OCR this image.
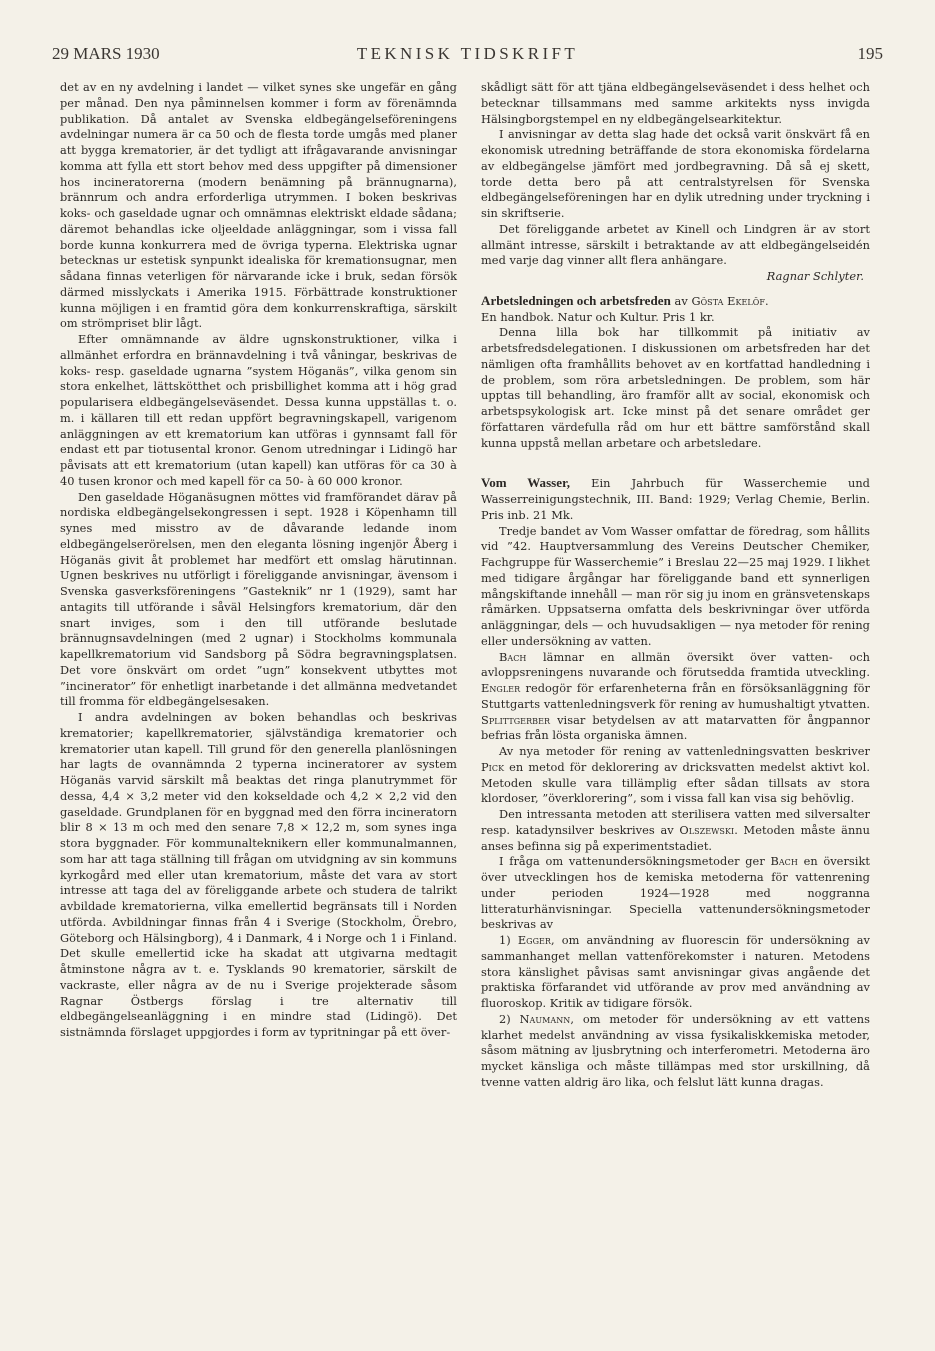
29 MARS 1930	TEKNISK TIDSKRIFT	195

det av en ny avdelning i landet — vilket synes ske ungefär en gång per månad. Den nya påminnelsen kommer i form av förenämnda publikation. Då antalet av Svenska eldbegängelseföreningens avdelningar numera är ca 50 och de flesta torde umgås med planer att bygga krematorier, är det tydligt att ifrågavarande anvisningar komma att fylla ett stort behov med dess uppgifter på dimensioner hos incineratorerna (modern benämning på brännugnarna), brännrum och andra erforderliga utrymmen. I boken beskrivas koks- och gaseldade ugnar och omnämnas elektriskt eldade sådana; däremot behandlas icke oljeeldade anläggningar, som i vissa fall borde kunna konkurrera med de övriga typerna. Elektriska ugnar betecknas ur estetisk synpunkt idealiska för kremationsugnar, men sådana finnas veterligen för närvarande icke i bruk, sedan försök därmed misslyckats i Amerika 1915. Förbättrade konstruktioner kunna möjligen i en framtid göra dem konkurrenskraftiga, särskilt om strömpriset blir lågt.

Efter omnämnande av äldre ugnskonstruktioner, vilka i allmänhet erfordra en brännavdelning i två våningar, beskrivas de koks- resp. gaseldade ugnarna ”system Höganäs”, vilka genom sin stora enkelhet, lättskötthet och prisbillighet komma att i hög grad popularisera eldbegängelseväsendet. Dessa kunna uppställas t. o. m. i källaren till ett redan uppfört begravningskapell, varigenom anläggningen av ett krematorium kan utföras i gynnsamt fall för endast ett par tiotusental kronor. Genom utredningar i Lidingö har påvisats att ett krematorium (utan kapell) kan utföras för ca 30 à 40 tusen kronor och med kapell för ca 50- à 60 000 kronor.

Den gaseldade Höganäsugnen möttes vid framförandet därav på nordiska eldbegängelsekongressen i sept. 1928 i Köpenhamn till synes med misstro av de dåvarande ledande inom eldbegängelserörelsen, men den eleganta lösning ingenjör Åberg i Höganäs givit åt problemet har medfört ett omslag härutinnan. Ugnen beskrives nu utförligt i föreliggande anvisningar, ävensom i Svenska gasverksföreningens ”Gasteknik” nr 1 (1929), samt har antagits till utförande i såväl Helsingfors krematorium, där den snart inviges, som i den till utförande beslutade brännugnsavdelningen (med 2 ugnar) i Stockholms kommunala kapellkrematorium vid Sandsborg på Södra begravningsplatsen. Det vore önskvärt om ordet ”ugn” konsekvent utbyttes mot ”incinerator” för enhetligt inarbetande i det allmänna medvetandet till fromma för eldbegängelsesaken.

I andra avdelningen av boken behandlas och beskrivas krematorier; kapellkrematorier, självständiga krematorier och krematorier utan kapell. Till grund för den generella planlösningen har lagts de ovannämnda 2 typerna incineratorer av system Höganäs varvid särskilt må beaktas det ringa planutrymmet för dessa, 4,4 × 3,2 meter vid den kokseldade och 4,2 × 2,2 vid den gaseldade. Grundplanen för en byggnad med den förra incineratorn blir 8 × 13 m och med den senare 7,8 × 12,2 m, som synes inga stora byggnader. För kommunalteknikern eller kommunalmannen, som har att taga ställning till frågan om utvidgning av sin kommuns kyrkogård med eller utan krematorium, måste det vara av stort intresse att taga del av föreliggande arbete och studera de talrikt avbildade krematorierna, vilka emellertid begränsats till i Norden utförda. Avbildningar finnas från 4 i Sverige (Stockholm, Örebro, Göteborg och Hälsingborg), 4 i Danmark, 4 i Norge och 1 i Finland. Det skulle emellertid icke ha skadat att utgivarna medtagit åtminstone några av t. e. Tysklands 90 krematorier, särskilt de vackraste, eller några av de nu i Sverige projekterade såsom Ragnar Östbergs förslag i tre alternativ till eldbegängelseanläggning i en mindre stad (Lidingö). Det sistnämnda förslaget uppgjordes i form av typritningar på ett över-

skådligt sätt för att tjäna eldbegängelseväsendet i dess helhet och betecknar tillsammans med samme arkitekts nyss invigda Hälsingborgstempel en ny eldbegängelsearkitektur.

I anvisningar av detta slag hade det också varit önskvärt få en ekonomisk utredning beträffande de stora ekonomiska fördelarna av eldbegängelse jämfört med jordbegravning. Då så ej skett, torde detta bero på att centralstyrelsen för Svenska eldbegängelseföreningen har en dylik utredning under tryckning i sin skriftserie.

Det föreliggande arbetet av Kinell och Lindgren är av stort allmänt intresse, särskilt i betraktande av att eldbegängelseidén med varje dag vinner allt flera anhängare.

Ragnar Schlyter.

Arbetsledningen och arbetsfreden av Gösta Ekelöf.

En handbok. Natur och Kultur. Pris 1 kr.

Denna lilla bok har tillkommit på initiativ av arbetsfredsdelegationen. I diskussionen om arbetsfreden har det nämligen ofta framhållits behovet av en kortfattad handledning i de problem, som röra arbetsledningen. De problem, som här upptas till behandling, äro framför allt av social, ekonomisk och arbetspsykologisk art. Icke minst på det senare området ger författaren värdefulla råd om hur ett bättre samförstånd skall kunna uppstå mellan arbetare och arbetsledare.

Vom Wasser, Ein Jahrbuch für Wasserchemie und Wasserreinigungstechnik, III. Band: 1929; Verlag Chemie, Berlin. Pris inb. 21 Mk.

Tredje bandet av Vom Wasser omfattar de föredrag, som hållits vid ”42. Hauptversammlung des Vereins Deutscher Chemiker, Fachgruppe für Wasserchemie” i Breslau 22—25 maj 1929. I likhet med tidigare årgångar har föreliggande band ett synnerligen mångskiftande innehåll — man rör sig ju inom en gränsvetenskaps råmärken. Uppsatserna omfatta dels beskrivningar över utförda anläggningar, dels — och huvudsakligen — nya metoder för rening eller undersökning av vatten.

Bach lämnar en allmän översikt över vatten- och avloppsreningens nuvarande och förutsedda framtida utveckling. Engler redogör för erfarenheterna från en försöksanläggning för Stuttgarts vattenledningsverk för rening av humushaltigt ytvatten. Splittgerber visar betydelsen av att matarvatten för ångpannor befrias från lösta organiska ämnen.

Av nya metoder för rening av vattenledningsvatten beskriver Pick en metod för deklorering av dricksvatten medelst aktivt kol. Metoden skulle vara tillämplig efter sådan tillsats av stora klordoser, ”överklorering”, som i vissa fall kan visa sig behövlig.

Den intressanta metoden att sterilisera vatten med silversalter resp. katadynsilver beskrives av Olszewski. Metoden måste ännu anses befinna sig på experimentstadiet.

I fråga om vattenundersökningsmetoder ger Bach en översikt över utvecklingen hos de kemiska metoderna för vattenrening under perioden 1924—1928 med noggranna litteraturhänvisningar. Speciella vattenundersökningsmetoder beskrivas av

1) Egger, om användning av fluorescin för undersökning av sammanhanget mellan vattenförekomster i naturen. Metodens stora känslighet påvisas samt anvisningar givas angående det praktiska förfarandet vid utförande av prov med användning av fluoroskop. Kritik av tidigare försök.

2) Naumann, om metoder för undersökning av ett vattens klarhet medelst användning av vissa fysikaliskkemiska metoder, såsom mätning av ljusbrytning och interferometri. Metoderna äro mycket känsliga och måste tillämpas med stor urskillning, då tvenne vatten aldrig äro lika, och felslut lätt kunna dragas.
